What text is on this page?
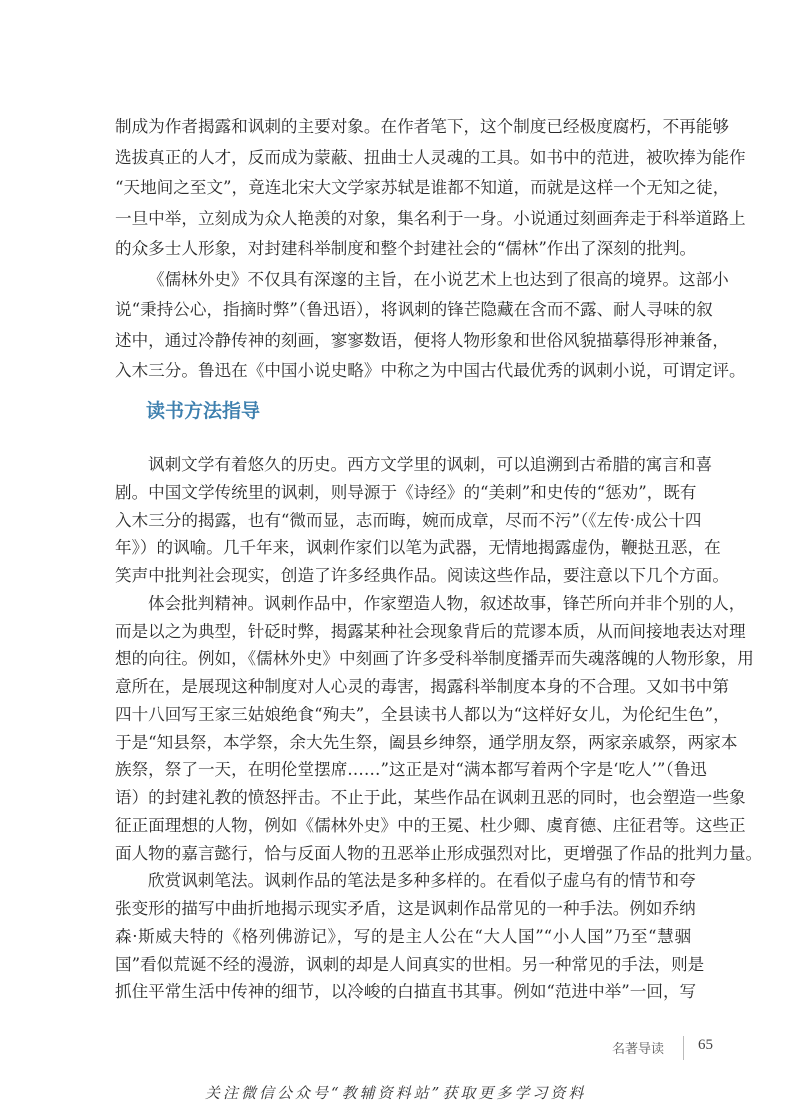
制成为作者揭露和讽刺的主要对象。在作者笔下，这个制度已经极度腐朽，不再能够
选拔真正的人才，反而成为蒙蔽、扭曲士人灵魂的工具。如书中的范进，被吹捧为能作
“天地间之至文”，竟连北宋大文学家苏轼是谁都不知道，而就是这样一个无知之徒，
一旦中举，立刻成为众人艳羡的对象，集名利于一身。小说通过刻画奔走于科举道路上
的众多士人形象，对封建科举制度和整个封建社会的“儒林”作出了深刻的批判。
《儒林外史》不仅具有深邃的主旨，在小说艺术上也达到了很高的境界。这部小
说“秉持公心，指摘时弊”（鲁迅语），将讽刺的锋芒隐藏在含而不露、耐人寻味的叙
述中，通过冷静传神的刻画，寥寥数语，便将人物形象和世俗风貌描摹得形神兼备，
入木三分。鲁迅在《中国小说史略》中称之为中国古代最优秀的讽刺小说，可谓定评。
读书方法指导
讽刺文学有着悠久的历史。西方文学里的讽刺，可以追溯到古希腊的寓言和喜
剧。中国文学传统里的讽刺，则导源于《诗经》的“美刺”和史传的“惩劝”，既有
入木三分的揭露，也有“微而显，志而晦，婉而成章，尽而不污”（《左传·成公十四
年》）的讽喻。几千年来，讽刺作家们以笔为武器，无情地揭露虚伪，鞭挞丑恶，在
笑声中批判社会现实，创造了许多经典作品。阅读这些作品，要注意以下几个方面。
体会批判精神。讽刺作品中，作家塑造人物，叙述故事，锋芒所向并非个别的人，
而是以之为典型，针砭时弊，揭露某种社会现象背后的荒谬本质，从而间接地表达对理
想的向往。例如，《儒林外史》中刻画了许多受科举制度播弄而失魂落魄的人物形象，用
意所在，是展现这种制度对人心灵的毒害，揭露科举制度本身的不合理。又如书中第
四十八回写王家三姑娘绝食“殉夫”，全县读书人都以为“这样好女儿，为伦纪生色”，
于是“知县祭，本学祭，余大先生祭，阖县乡绅祭，通学朋友祭，两家亲戚祭，两家本
族祭，祭了一天，在明伦堂摆席……”这正是对“满本都写着两个字是‘吃人’”（鲁迅
语）的封建礼教的愤怒抨击。不止于此，某些作品在讽刺丑恶的同时，也会塑造一些象
征正面理想的人物，例如《儒林外史》中的王冕、杜少卿、虞育德、庄征君等。这些正
面人物的嘉言懿行，恰与反面人物的丑恶举止形成强烈对比，更增强了作品的批判力量。
欣赏讽刺笔法。讽刺作品的笔法是多种多样的。在看似子虚乌有的情节和夸
张变形的描写中曲折地揭示现实矛盾，这是讽刺作品常见的一种手法。例如乔纳
森·斯威夫特的《格列佛游记》，写的是主人公在“大人国”“小人国”乃至“慧骃
国”看似荒诞不经的漫游，讽刺的却是人间真实的世相。另一种常见的手法，则是
抓住平常生活中传神的细节，以冷峻的白描直书其事。例如“范进中举”一回，写
名著导读 65
关注微信公众号“教辅资料站”获取更多学习资料
